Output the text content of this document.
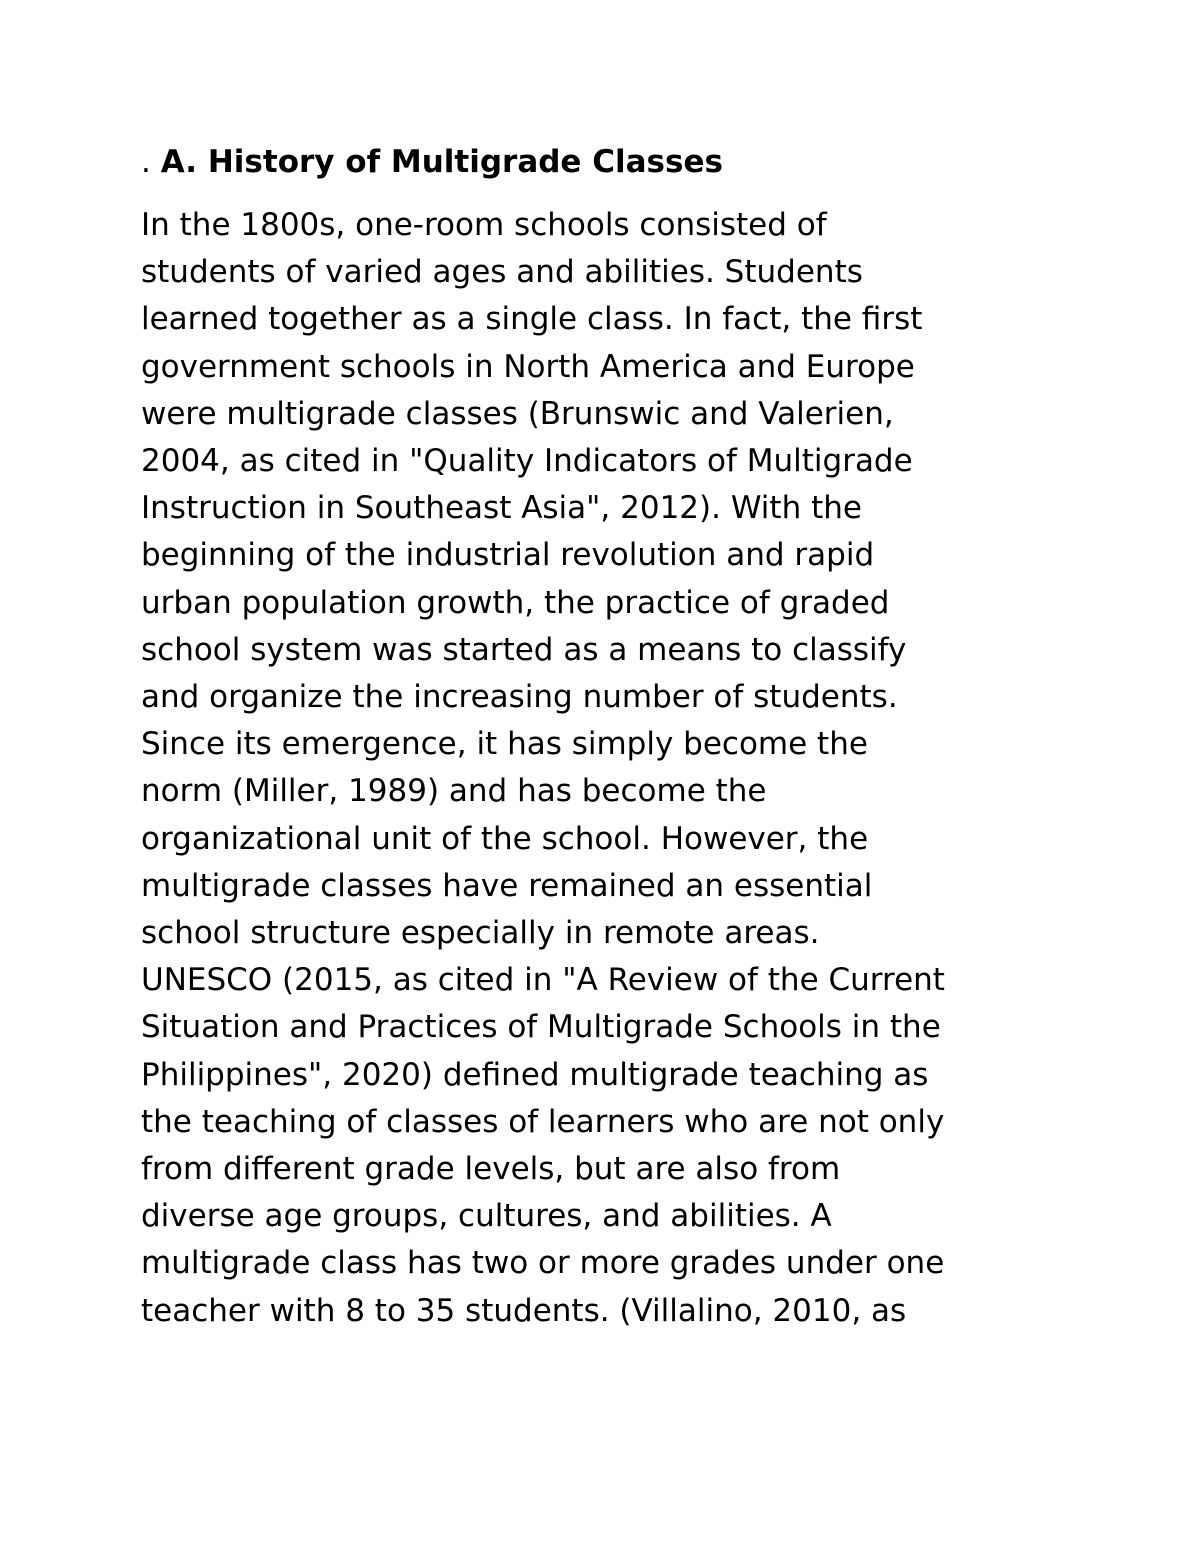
. A. History of Multigrade Classes

In the 1800s, one-room schools consisted of
students of varied ages and abilities. Students
learned together as a single class. In fact, the first
government schools in North America and Europe
were multigrade classes (Brunswic and Valerien,
2004, as cited in "Quality Indicators of Multigrade
Instruction in Southeast Asia", 2012). With the
beginning of the industrial revolution and rapid
urban population growth, the practice of graded
school system was started as a means to classify
and organize the increasing number of students.
Since its emergence, it has simply become the
norm (Miller, 1989) and has become the
organizational unit of the school. However, the
multigrade classes have remained an essential
school structure especially in remote areas.
UNESCO (2015, as cited in "A Review of the Current
Situation and Practices of Multigrade Schools in the
Philippines", 2020) defined multigrade teaching as
the teaching of classes of learners who are not only
from different grade levels, but are also from
diverse age groups, cultures, and abilities. A
multigrade class has two or more grades under one
teacher with 8 to 35 students. (Villalino, 2010, as
